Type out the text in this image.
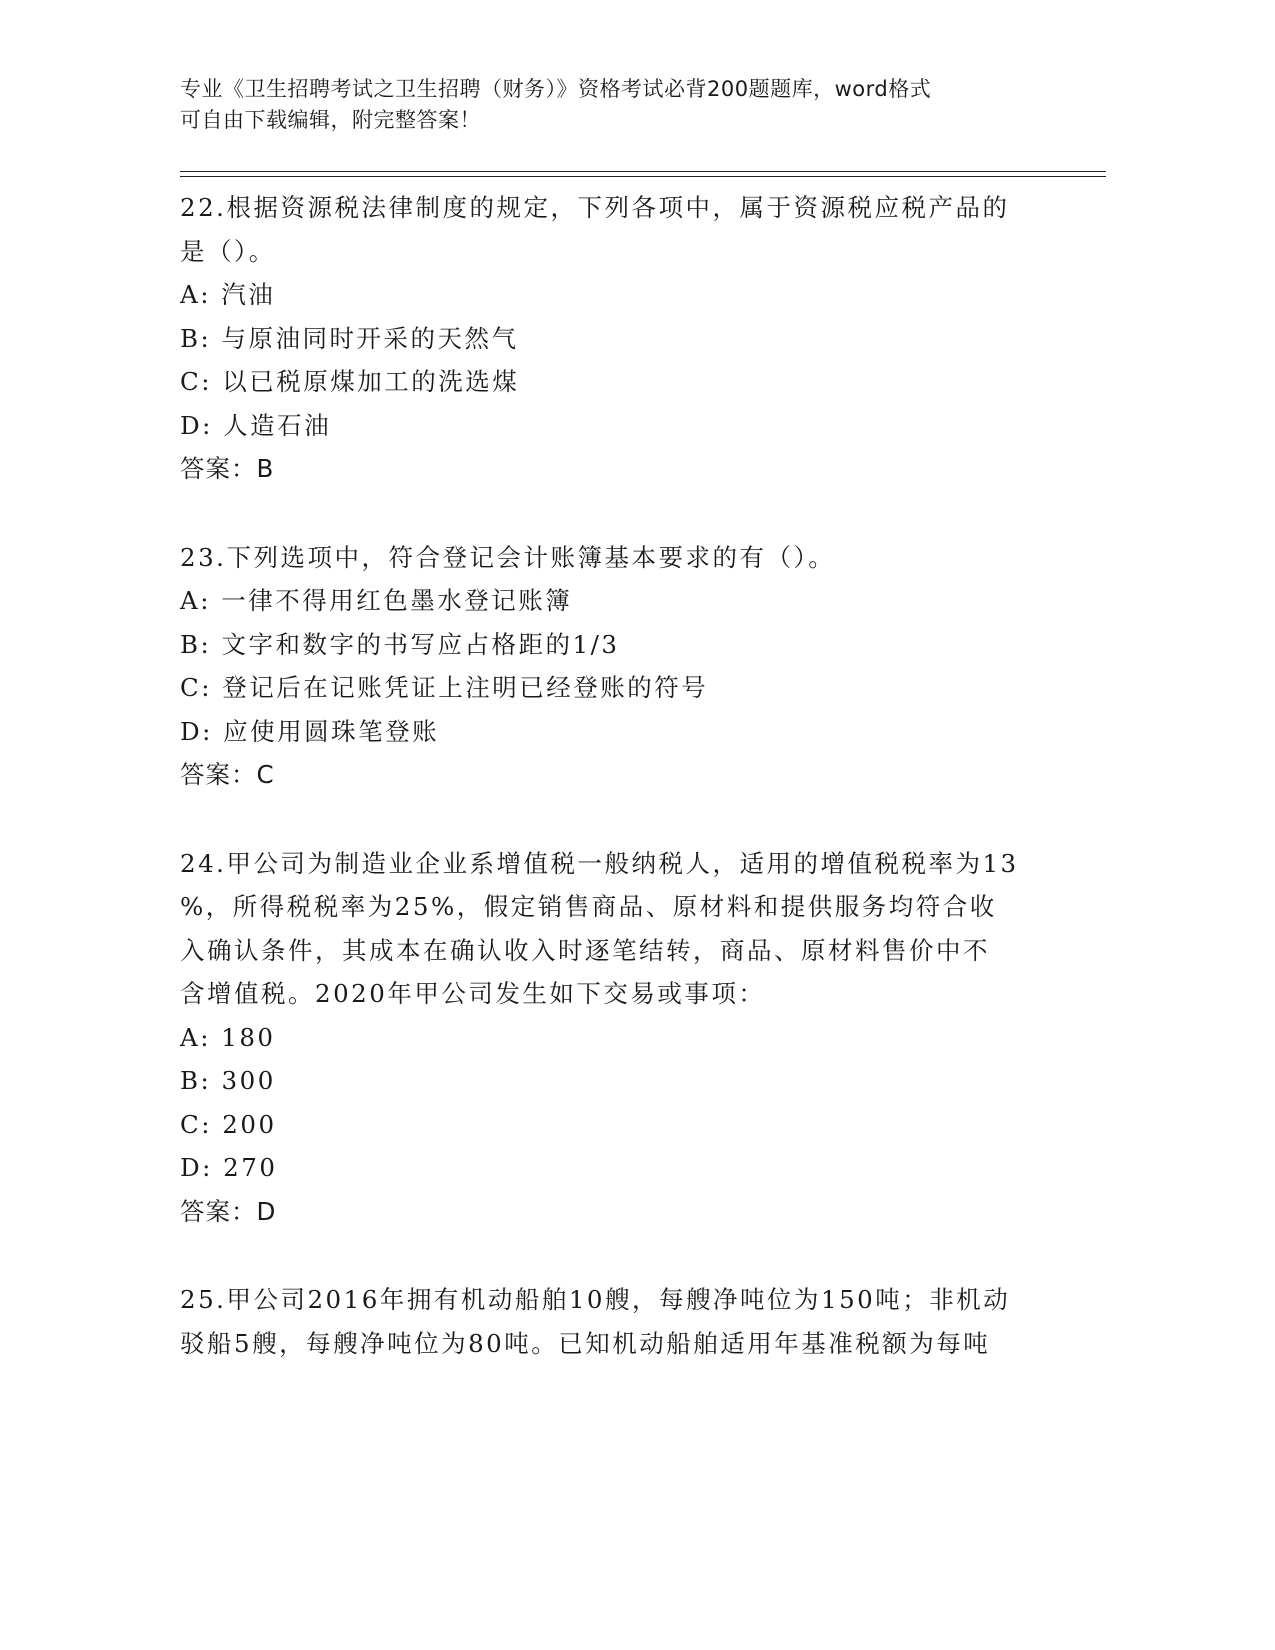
专业《卫生招聘考试之卫生招聘（财务）》资格考试必背200题题库，word格式
可自由下载编辑，附完整答案！

22.根据资源税法律制度的规定，下列各项中，属于资源税应税产品的

是（）。

A: 汽油

B: 与原油同时开采的天然气

C: 以已税原煤加工的洗选煤

D: 人造石油

答案：B

23.下列选项中，符合登记会计账簿基本要求的有（）。

A: 一律不得用红色墨水登记账簿

B: 文字和数字的书写应占格距的1/3

C: 登记后在记账凭证上注明已经登账的符号

D: 应使用圆珠笔登账

答案：C

24.甲公司为制造业企业系增值税一般纳税人，适用的增值税税率为13

%，所得税税率为25%，假定销售商品、原材料和提供服务均符合收

入确认条件，其成本在确认收入时逐笔结转，商品、原材料售价中不

含增值税。2020年甲公司发生如下交易或事项：

A: 180

B: 300

C: 200

D: 270

答案：D

25.甲公司2016年拥有机动船舶10艘，每艘净吨位为150吨；非机动

驳船5艘，每艘净吨位为80吨。已知机动船舶适用年基准税额为每吨
